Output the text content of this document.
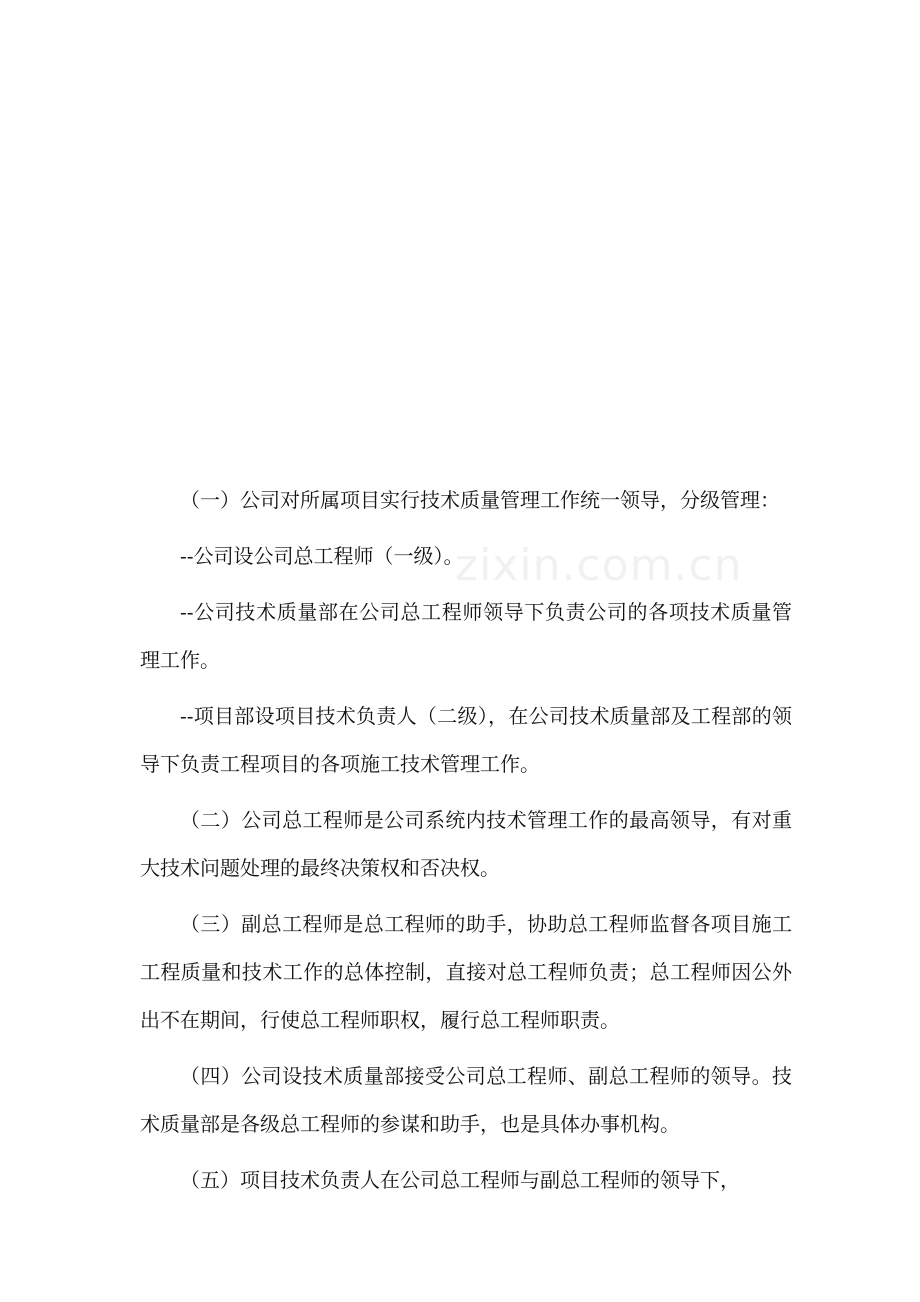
zixin.com.cn

（一）公司对所属项目实行技术质量管理工作统一领导，分级管理：

--公司设公司总工程师（一级）。

--公司技术质量部在公司总工程师领导下负责公司的各项技术质量管理工作。

--项目部设项目技术负责人（二级），在公司技术质量部及工程部的领导下负责工程项目的各项施工技术管理工作。

（二）公司总工程师是公司系统内技术管理工作的最高领导，有对重大技术问题处理的最终决策权和否决权。

（三）副总工程师是总工程师的助手，协助总工程师监督各项目施工工程质量和技术工作的总体控制，直接对总工程师负责；总工程师因公外出不在期间，行使总工程师职权，履行总工程师职责。

（四）公司设技术质量部接受公司总工程师、副总工程师的领导。技术质量部是各级总工程师的参谋和助手，也是具体办事机构。

（五）项目技术负责人在公司总工程师与副总工程师的领导下，
